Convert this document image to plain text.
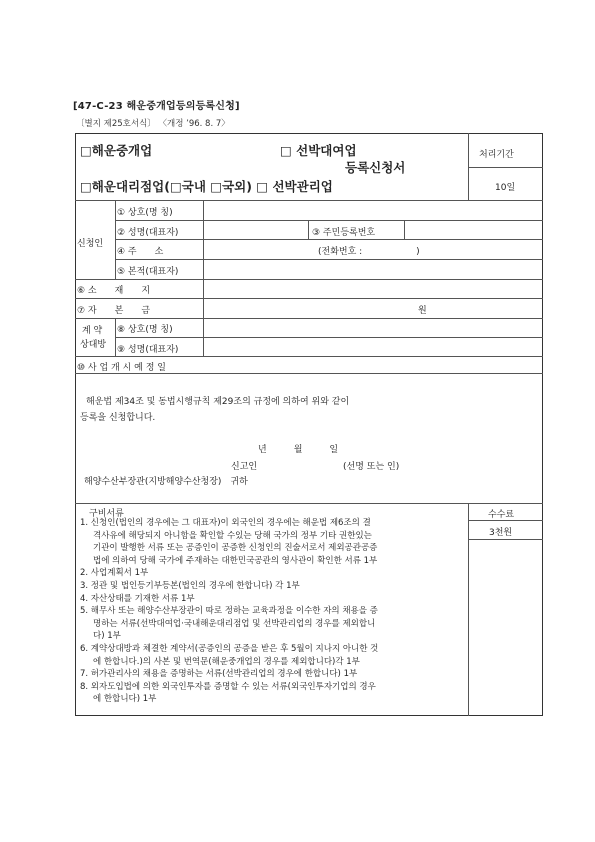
[47-C-23 해운중개업등의등록신청]
〔별지 제25호서식〕 〈개정 ’96. 8. 7〉
□해운중개업	□ 선박대여업
등록신청서
□해운대리점업(□국내 □국외) □ 선박관리업
처리기간
10일
신청인
① 상호(명 칭)
② 성명(대표자)	③ 주민등록번호
④ 주　　소	(전화번호 :　　　　　　)
⑤ 본적(대표자)
⑥ 소　　재　　지
⑦ 자　　본　　금	원
계 약
상대방
⑧ 상호(명 칭)
⑨ 성명(대표자)
⑩ 사 업 개 시 예 정 일
해운법 제34조 및 동법시행규칙 제29조의 규정에 의하여 위와 같이
등록을 신청합니다.
년　　　월　　　일
신고인	(선명 또는 인)
해양수산부장관(지방해양수산청장)　귀하
구비서류	수수료
3천원
1. 신청인(법인의 경우에는 그 대표자)이 외국인의 경우에는 해운법 제6조의 결
격사유에 해당되지 아니함을 확인할 수있는 당해 국가의 정부 기타 권한있는
기관이 발행한 서류 또는 공증인이 공증한 신청인의 진술서로서 제외공관공증
법에 의하여 당해 국가에 주재하는 대한민국공관의 영사관이 확인한 서류 1부
2. 사업계획서 1부
3. 정관 및 법인등기부등본(법인의 경우에 한합니다) 각 1부
4. 자산상태를 기재한 서류 1부
5. 해무사 또는 해양수산부장관이 따로 정하는 교육과정을 이수한 자의 채용을 증
명하는 서류(선박대여업·국내해운대리점업 및 선박관리업의 경우를 제외합니
다) 1부
6. 계약상대방과 체결한 계약서(공증인의 공증을 받은 후 5월이 지나지 아니한 것
에 한합니다.)의 사본 및 번역문(해운중개업의 경우를 제외합니다)각 1부
7. 허가관리사의 채용을 증명하는 서류(선박관리업의 경우에 한합니다) 1부
8. 외자도입법에 의한 외국인투자를 증명할 수 있는 서류(외국인투자기업의 경우
에 한합니다) 1부
